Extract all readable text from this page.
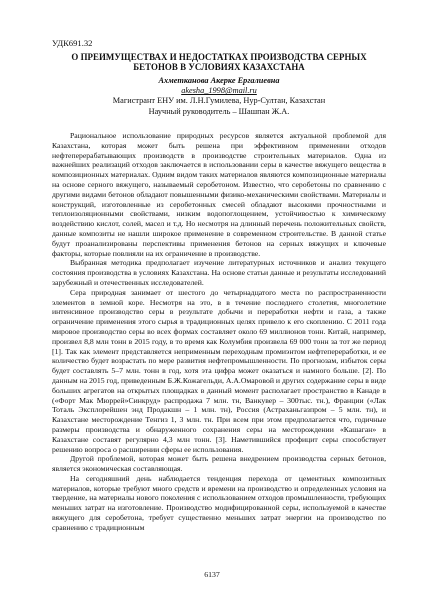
УДК691.32
О ПРЕИМУЩЕСТВАХ И НЕДОСТАТКАХ ПРОИЗВОДСТВА СЕРНЫХ
БЕТОНОВ В УСЛОВИЯХ КАЗАХСТАНА
Ахметканова Акерке Ергалиевна
akesha_1998@mail.ru
Магистрант ЕНУ им. Л.Н.Гумилева, Нур-Султан, Казахстан
Научный руководитель – Шашпан Ж.А.

Рациональное использование природных ресурсов является актуальной проблемой для Казахстана, которая может быть решена при эффективном применении отходов нефтеперерабатывающих производств в производстве строительных материалов. Одна из важнейших реализаций отходов заключается в использовании серы в качестве вяжущего вещества в композиционных материалах. Одним видом таких материалов являются композиционные материалы на основе серного вяжущего, называемый серобетоном. Известно, что серобетоны по сравнению с другими видами бетонов обладают повышенными физико-механическими свойствами. Материалы и конструкций, изготовленные из серобетонных смесей обладают высокими прочностными и теплоизоляционными свойствами, низким водопоглощением, устойчивостью к химическому воздействию кислот, солей, масел и т.д. Но несмотря на длинный перечень положительных свойств, данные композиты не нашли широкое применение в современном строительстве. В данной статье будут проанализированы перспективы применения бетонов на серных вяжущих и ключевые факторы, которые повлияли на их ограничение в производстве.

Выбранная методика предполагает изучение литературных источников и анализ текущего состояния производства в условиях Казахстана. На основе статьи данные и результаты исследований зарубежный и отечественных исследователей.

Сера природная занимает от шестого до четырнадцатого места по распространенности элементов в земной коре. Несмотря на это, в в течение последнего столетия, многолетние интенсивное производство серы в результате добычи и переработки нефти и газа, а также ограничение применения этого сырья в традиционных целях привело к его скоплению. С 2011 года мировое производство серы во всех формах составляет около 69 миллионов тонн. Китай, например, произвел 8,8 млн тонн в 2015 году, в то время как Колумбия произвела 69 000 тонн за тот же период [1]. Так как элемент представляется неприменным переходным промиэнтом нефтепереработки, и ее количество будет возрастать по мере развития нефтепромышленности. По прогнозам, избыток серы будет составлять 5–7 млн. тонн в год, хотя эта цифра может оказаться и намного больше. [2]. По данным на 2015 год, приведенным Б.Ж.Кожагельди, А.А.Омаровой и других содержание серы в виде больших агрегатов на открытых площадках в данный момент располагает пространство в Канаде в («Форт Мак Мюррей»Синкруд» распродажа 7 млн. тн, Ванкувер – 300тыс. тн.), Франции («Лак Тоталь Эксплорейшен энд Продакшн – 1 млн. тн), Россия (Астраханьгазпром – 5 млн. тн), и Казахстане месторождение Тенгиз 1, 3 млн. тн. При всем при этом предполагается что, годичные размеры производства и обнаруженного сохранения серы на месторождении «Кашаган» в Казахстане составят регулярно 4,3 млн тонн. [3]. Наметившийся профицит серы способствует решению вопроса о расширении сферы ее использования.

Другой проблемой, которая может быть решена внедрением производства серных бетонов, является экономическая составляющая.

На сегодняшний день наблюдается тенденция перехода от цементных композитных материалов, которые требуют много средств и времени на производство и определенных условия на твердение, на материалы нового поколения с использованием отходов промышленности, требующих меньших затрат на изготовление. Производство модифицированной серы, используемой в качестве вяжущего для серобетона, требует существенно меньших затрат энергии на производство по сравнению с традиционным

6137
